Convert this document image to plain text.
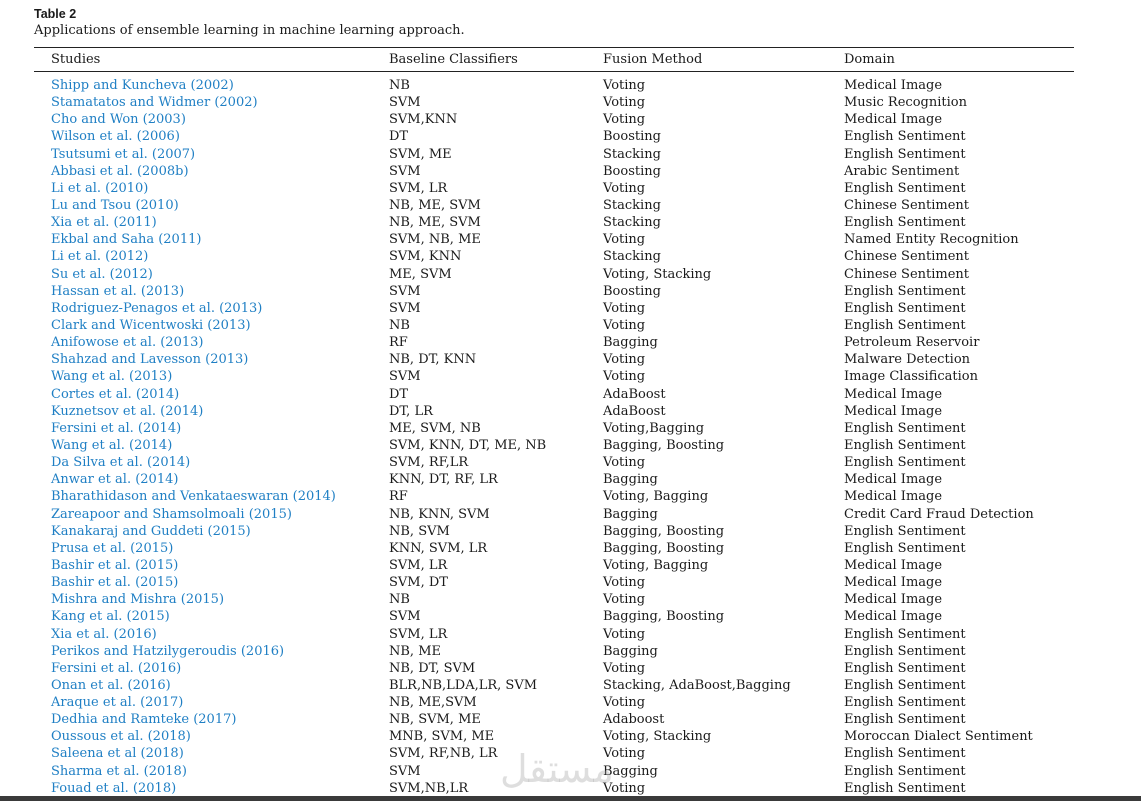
Table 2
Applications of ensemble learning in machine learning approach.
Studies	Baseline Classifiers	Fusion Method	Domain
Shipp and Kuncheva (2002)	NB	Voting	Medical Image
Stamatatos and Widmer (2002)	SVM	Voting	Music Recognition
Cho and Won (2003)	SVM,KNN	Voting	Medical Image
Wilson et al. (2006)	DT	Boosting	English Sentiment
Tsutsumi et al. (2007)	SVM, ME	Stacking	English Sentiment
Abbasi et al. (2008b)	SVM	Boosting	Arabic Sentiment
Li et al. (2010)	SVM, LR	Voting	English Sentiment
Lu and Tsou (2010)	NB, ME, SVM	Stacking	Chinese Sentiment
Xia et al. (2011)	NB, ME, SVM	Stacking	English Sentiment
Ekbal and Saha (2011)	SVM, NB, ME	Voting	Named Entity Recognition
Li et al. (2012)	SVM, KNN	Stacking	Chinese Sentiment
Su et al. (2012)	ME, SVM	Voting, Stacking	Chinese Sentiment
Hassan et al. (2013)	SVM	Boosting	English Sentiment
Rodriguez-Penagos et al. (2013)	SVM	Voting	English Sentiment
Clark and Wicentwoski (2013)	NB	Voting	English Sentiment
Anifowose et al. (2013)	RF	Bagging	Petroleum Reservoir
Shahzad and Lavesson (2013)	NB, DT, KNN	Voting	Malware Detection
Wang et al. (2013)	SVM	Voting	Image Classification
Cortes et al. (2014)	DT	AdaBoost	Medical Image
Kuznetsov et al. (2014)	DT, LR	AdaBoost	Medical Image
Fersini et al. (2014)	ME, SVM, NB	Voting,Bagging	English Sentiment
Wang et al. (2014)	SVM, KNN, DT, ME, NB	Bagging, Boosting	English Sentiment
Da Silva et al. (2014)	SVM, RF,LR	Voting	English Sentiment
Anwar et al. (2014)	KNN, DT, RF, LR	Bagging	Medical Image
Bharathidason and Venkataeswaran (2014)	RF	Voting, Bagging	Medical Image
Zareapoor and Shamsolmoali (2015)	NB, KNN, SVM	Bagging	Credit Card Fraud Detection
Kanakaraj and Guddeti (2015)	NB, SVM	Bagging, Boosting	English Sentiment
Prusa et al. (2015)	KNN, SVM, LR	Bagging, Boosting	English Sentiment
Bashir et al. (2015)	SVM, LR	Voting, Bagging	Medical Image
Bashir et al. (2015)	SVM, DT	Voting	Medical Image
Mishra and Mishra (2015)	NB	Voting	Medical Image
Kang et al. (2015)	SVM	Bagging, Boosting	Medical Image
Xia et al. (2016)	SVM, LR	Voting	English Sentiment
Perikos and Hatzilygeroudis (2016)	NB, ME	Bagging	English Sentiment
Fersini et al. (2016)	NB, DT, SVM	Voting	English Sentiment
Onan et al. (2016)	BLR,NB,LDA,LR, SVM	Stacking, AdaBoost,Bagging	English Sentiment
Araque et al. (2017)	NB, ME,SVM	Voting	English Sentiment
Dedhia and Ramteke (2017)	NB, SVM, ME	Adaboost	English Sentiment
Oussous et al. (2018)	MNB, SVM, ME	Voting, Stacking	Moroccan Dialect Sentiment
Saleena et al (2018)	SVM, RF,NB, LR	Voting	English Sentiment
Sharma et al. (2018)	SVM	Bagging	English Sentiment
Fouad et al. (2018)	SVM,NB,LR	Voting	English Sentiment
مستقل
